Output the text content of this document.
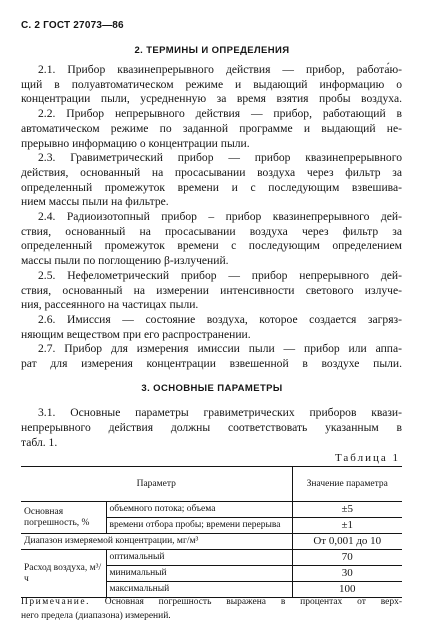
С. 2 ГОСТ 27073—86
2. ТЕРМИНЫ И ОПРЕДЕЛЕНИЯ
2.1. Прибор квазинепрерывного действия — прибор, работа́ю-
щий в полуавтоматическом режиме и выдающий информацию о
концентрации пыли, усредненную за время взятия пробы воздуха.
2.2. Прибор непрерывного действия — прибор, работающий в
автоматическом режиме по заданной программе и выдающий не-
прерывно информацию о концентрации пыли.
2.3. Гравиметрический прибор — прибор квазинепрерывного
действия, основанный на просасывании воздуха через фильтр за
определенный промежуток времени и с последующим взвешива-
нием массы пыли на фильтре.
2.4. Радиоизотопный прибор – прибор квазинепрерывного дей-
ствия, основанный на просасывании воздуха через фильтр за
определенный промежуток времени с последующим определением
массы пыли по поглощению β-излучений.
2.5. Нефелометрический прибор — прибор непрерывного дей-
ствия, основанный на измерении интенсивности светового излуче-
ния, рассеянного на частицах пыли.
2.6. Имиссия — состояние воздуха, которое создается загряз-
няющим веществом при его распространении.
2.7. Прибор для измерения имиссии пыли — прибор или аппа-
рат для измерения концентрации взвешенной в воздухе пыли.
3. ОСНОВНЫЕ ПАРАМЕТРЫ
3.1. Основные параметры гравиметрических приборов квази-
непрерывного действия должны соответствовать указанным в
табл. 1.
Таблица 1
Параметр		Значение параметра
Основная погрешность, %	объемного потока; объема	±5
	времени отбора пробы; времени перерыва	±1
Диапазон измеряемой концентрации, мг/м³		От 0,001 до 10
Расход воздуха, м³/ч	оптимальный	70
	минимальный	30
	максимальный	100
Примечание. Основная погрешность выражена в процентах от верх-
него предела (диапазона) измерений.
